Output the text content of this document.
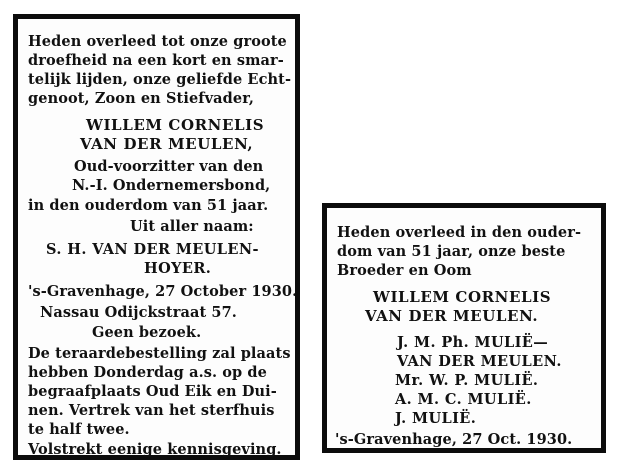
Heden overleed tot onze groote
droefheid na een kort en smar-
telijk lijden, onze geliefde Echt-
genoot, Zoon en Stiefvader,
WILLEM CORNELIS
VAN DER MEULEN,
Oud-voorzitter van den
N.-I. Ondernemersbond,
in den ouderdom van 51 jaar.
Uit aller naam:
S. H. VAN DER MEULEN-
HOYER.
's-Gravenhage, 27 October 1930.
Nassau Odijckstraat 57.
Geen bezoek.
De teraardebestelling zal plaats
hebben Donderdag a.s. op de
begraafplaats Oud Eik en Dui-
nen. Vertrek van het sterfhuis
te half twee.
Volstrekt eenige kennisgeving.
Heden overleed in den ouder-
dom van 51 jaar, onze beste
Broeder en Oom
WILLEM CORNELIS
VAN DER MEULEN.
J. M. Ph. MULIË—
VAN DER MEULEN.
Mr. W. P. MULIË.
A. M. C. MULIË.
J. MULIË.
's-Gravenhage, 27 Oct. 1930.
